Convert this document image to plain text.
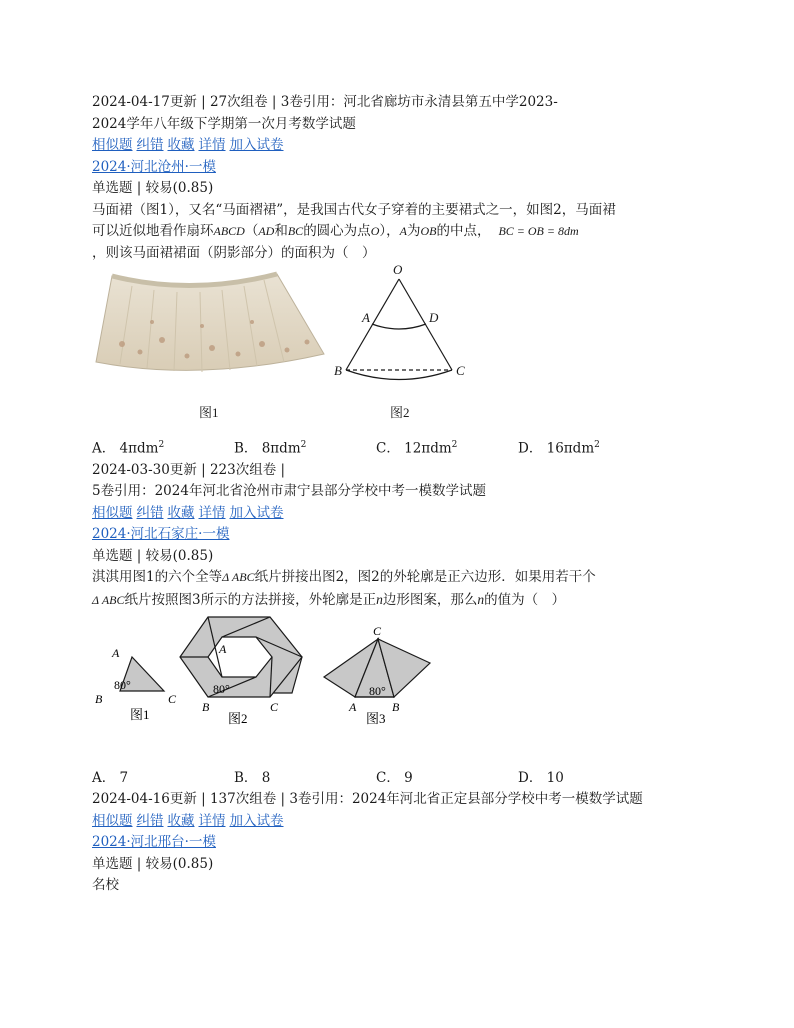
2024-04-17更新 | 27次组卷 | 3卷引用：河北省廊坊市永清县第五中学2023-
2024学年八年级下学期第一次月考数学试题
相似题 纠错 收藏 详情 加入试卷
2024·河北沧州·一模
单选题 | 较易(0.85)
马面裙（图1），又名“马面褶裙”，是我国古代女子穿着的主要裙式之一，如图2，马面裙
可以近似地看作扇环ABCD（AD和BC的圆心为点O），A为OB的中点， BC = OB = 8dm
，则该马面裙裙面（阴影部分）的面积为（　）
图1
O
A	D
B	C
图2
A． 4πdm$^2$	B． 8πdm$^2$	C． 12πdm$^2$	D． 16πdm$^2$
2024-03-30更新 | 223次组卷 |
5卷引用：2024年河北省沧州市肃宁县部分学校中考一模数学试题
相似题 纠错 收藏 详情 加入试卷
2024·河北石家庄·一模
单选题 | 较易(0.85)
淇淇用图1的六个全等Δ ABC纸片拼接出图2，图2的外轮廓是正六边形．如果用若干个
Δ ABC纸片按照图3所示的方法拼接，外轮廓是正n边形图案，那么n的值为（　）
A
B	C
80°
图1
A
B	C
80°
图2
C
A	B
80°
图3
A． 7	B． 8	C． 9	D． 10
2024-04-16更新 | 137次组卷 | 3卷引用：2024年河北省正定县部分学校中考一模数学试题
相似题 纠错 收藏 详情 加入试卷
2024·河北邢台·一模
单选题 | 较易(0.85)
名校
